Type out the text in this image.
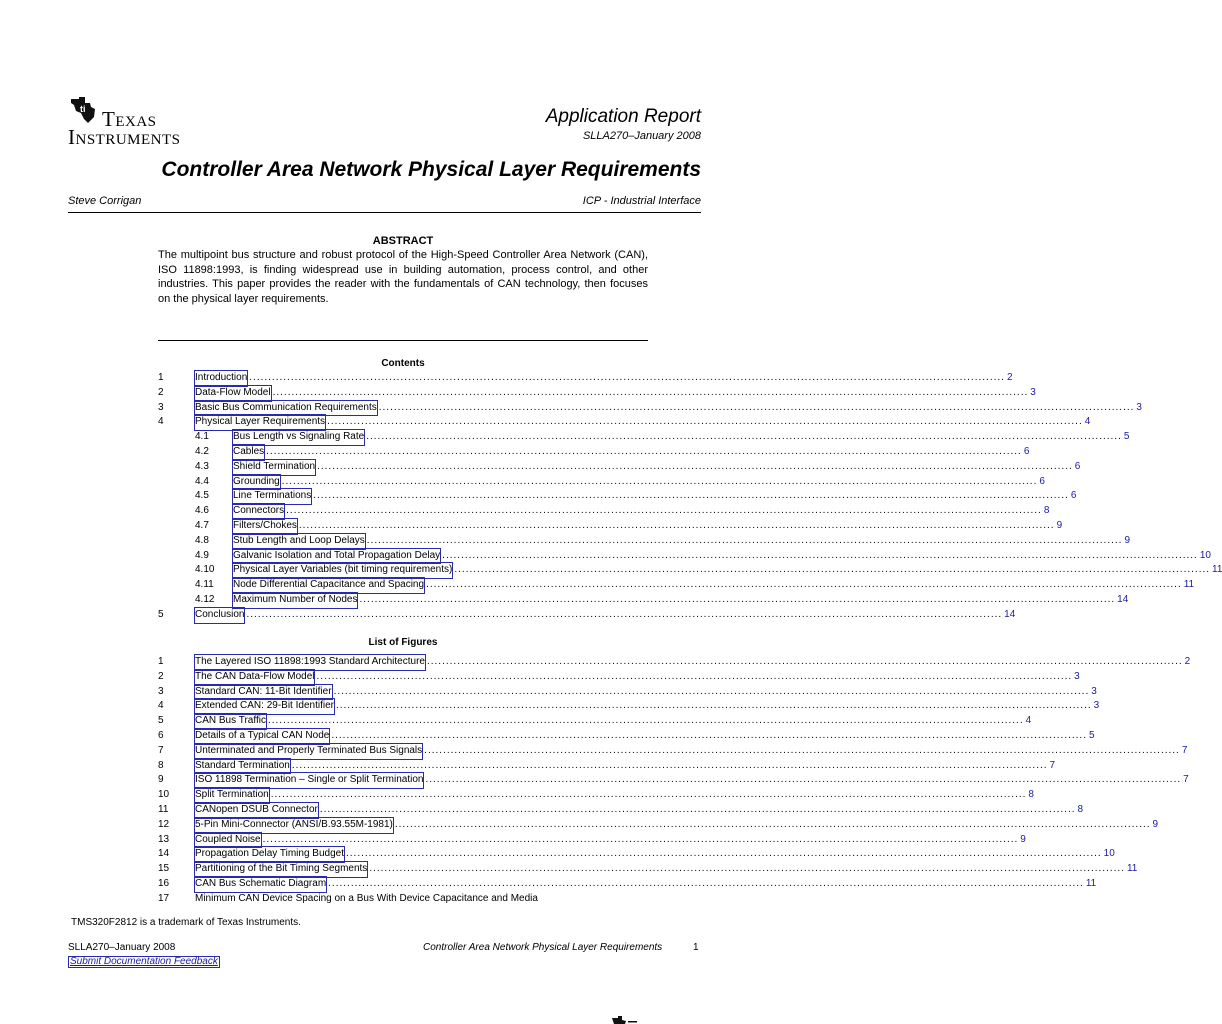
ti Texas
Instruments
Application Report
SLLA270–January 2008
Controller Area Network Physical Layer Requirements
Steve Corrigan	ICP - Industrial Interface
ABSTRACT
The multipoint bus structure and robust protocol of the High-Speed Controller Area Network (CAN), ISO 11898:1993, is finding widespread use in building automation, process control, and other industries. This paper provides the reader with the fundamentals of CAN technology, then focuses on the physical layer requirements.
Contents
1	Introduction ........................................................................................................................................................................................................ 2
2	Data-Flow Model ........................................................................................................................................................................................................ 3
3	Basic Bus Communication Requirements ........................................................................................................................................................................................................ 3
4	Physical Layer Requirements ........................................................................................................................................................................................................ 4
4.1 Bus Length vs Signaling Rate ........................................................................................................................................................................................................ 5
4.2 Cables ........................................................................................................................................................................................................ 6
4.3 Shield Termination ........................................................................................................................................................................................................ 6
4.4 Grounding ........................................................................................................................................................................................................ 6
4.5 Line Terminations ........................................................................................................................................................................................................ 6
4.6 Connectors ........................................................................................................................................................................................................ 8
4.7 Filters/Chokes ........................................................................................................................................................................................................ 9
4.8 Stub Length and Loop Delays ........................................................................................................................................................................................................ 9
4.9 Galvanic Isolation and Total Propagation Delay ........................................................................................................................................................................................................ 10
4.10 Physical Layer Variables (bit timing requirements) ........................................................................................................................................................................................................ 11
4.11 Node Differential Capacitance and Spacing ........................................................................................................................................................................................................ 11
4.12 Maximum Number of Nodes ........................................................................................................................................................................................................ 14
5	Conclusion ........................................................................................................................................................................................................ 14
List of Figures
1	The Layered ISO 11898:1993 Standard Architecture ........................................................................................................................................................................................................ 2
2	The CAN Data-Flow Model ........................................................................................................................................................................................................ 3
3	Standard CAN: 11-Bit Identifier ........................................................................................................................................................................................................ 3
4	Extended CAN: 29-Bit Identifier ........................................................................................................................................................................................................ 3
5	CAN Bus Traffic ........................................................................................................................................................................................................ 4
6	Details of a Typical CAN Node ........................................................................................................................................................................................................ 5
7	Unterminated and Properly Terminated Bus Signals ........................................................................................................................................................................................................ 7
8	Standard Termination ........................................................................................................................................................................................................ 7
9	ISO 11898 Termination – Single or Split Termination ........................................................................................................................................................................................................ 7
10	Split Termination ........................................................................................................................................................................................................ 8
11	CANopen DSUB Connector ........................................................................................................................................................................................................ 8
12	5-Pin Mini-Connector (ANSI/B.93.55M-1981) ........................................................................................................................................................................................................ 9
13	Coupled Noise ........................................................................................................................................................................................................ 9
14	Propagation Delay Timing Budget ........................................................................................................................................................................................................ 10
15	Partitioning of the Bit Timing Segments ........................................................................................................................................................................................................ 11
16	CAN Bus Schematic Diagram ........................................................................................................................................................................................................ 11
17	Minimum CAN Device Spacing on a Bus With Device Capacitance and Media
TMS320F2812 is a trademark of Texas Instruments.
SLLA270–January 2008	Controller Area Network Physical Layer Requirements	1
Submit Documentation Feedback
